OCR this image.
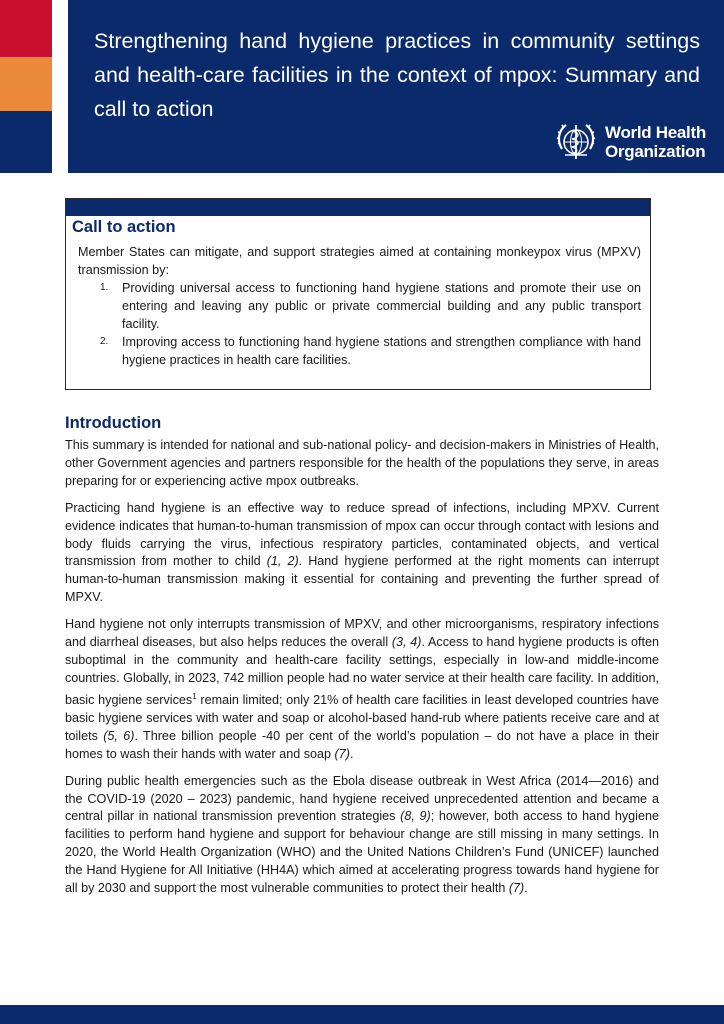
Strengthening hand hygiene practices in community settings and health-care facilities in the context of mpox: Summary and call to action
World Health
Organization
Call to action
Member States can mitigate, and support strategies aimed at containing monkeypox virus (MPXV) transmission by:
1. Providing universal access to functioning hand hygiene stations and promote their use on entering and leaving any public or private commercial building and any public transport facility.
2. Improving access to functioning hand hygiene stations and strengthen compliance with hand hygiene practices in health care facilities.
Introduction

This summary is intended for national and sub-national policy- and decision-makers in Ministries of Health, other Government agencies and partners responsible for the health of the populations they serve, in areas preparing for or experiencing active mpox outbreaks.

Practicing hand hygiene is an effective way to reduce spread of infections, including MPXV. Current evidence indicates that human-to-human transmission of mpox can occur through contact with lesions and body fluids carrying the virus, infectious respiratory particles, contaminated objects, and vertical transmission from mother to child (1, 2). Hand hygiene performed at the right moments can interrupt human-to-human transmission making it essential for containing and preventing the further spread of MPXV.

Hand hygiene not only interrupts transmission of MPXV, and other microorganisms, respiratory infections and diarrheal diseases, but also helps reduces the overall (3, 4). Access to hand hygiene products is often suboptimal in the community and health-care facility settings, especially in low-and middle-income countries. Globally, in 2023, 742 million people had no water service at their health care facility. In addition, basic hygiene services$^1$ remain limited; only 21% of health care facilities in least developed countries have basic hygiene services with water and soap or alcohol-based hand-rub where patients receive care and at toilets (5, 6). Three billion people -40 per cent of the world’s population – do not have a place in their homes to wash their hands with water and soap (7).

During public health emergencies such as the Ebola disease outbreak in West Africa (2014—2016) and the COVID-19 (2020 – 2023) pandemic, hand hygiene received unprecedented attention and became a central pillar in national transmission prevention strategies (8, 9); however, both access to hand hygiene facilities to perform hand hygiene and support for behaviour change are still missing in many settings. In 2020, the World Health Organization (WHO) and the United Nations Children’s Fund (UNICEF) launched the Hand Hygiene for All Initiative (HH4A) which aimed at accelerating progress towards hand hygiene for all by 2030 and support the most vulnerable communities to protect their health (7).
